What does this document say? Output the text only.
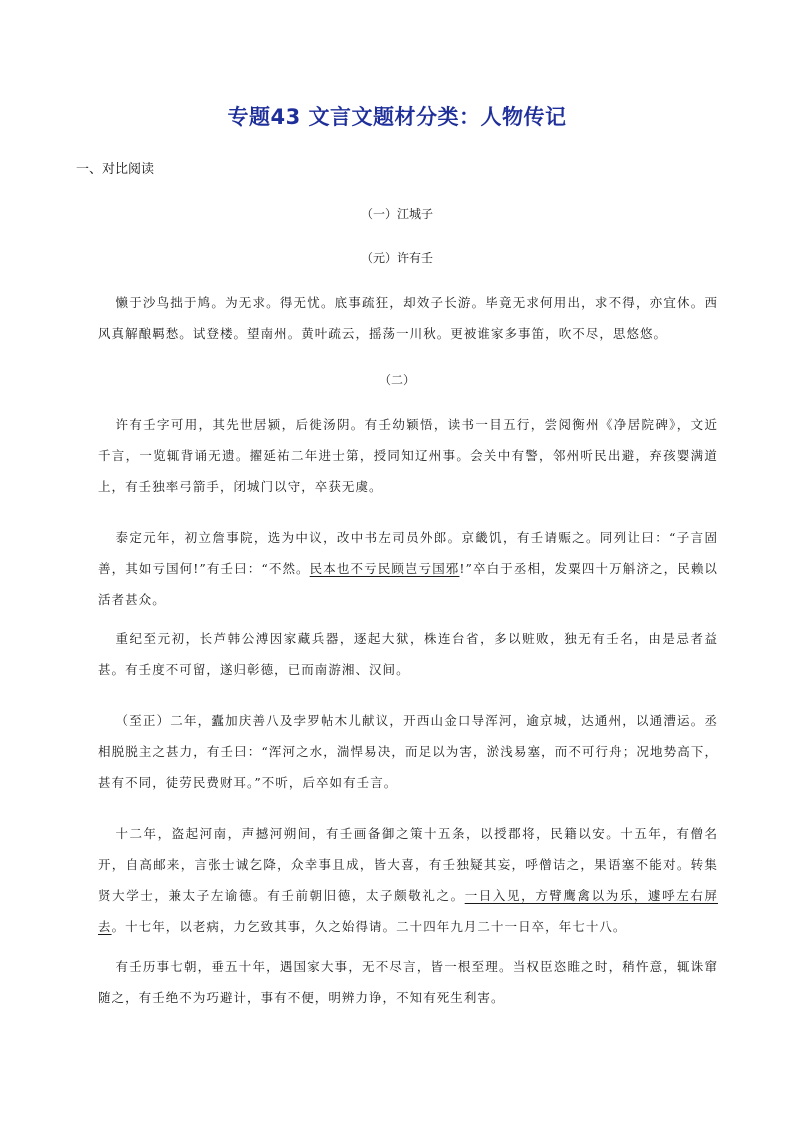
专题43 文言文题材分类：人物传记
一、对比阅读
（一）江城子
（元）许有壬
懒于沙鸟拙于鸠。为无求。得无忧。底事疏狂，却效子长游。毕竟无求何用出，求不得，亦宜休。西风真解酿羁愁。试登楼。望南州。黄叶疏云，摇荡一川秋。更被谁家多事笛，吹不尽，思悠悠。
（二）
许有壬字可用，其先世居颍，后徙汤阴。有壬幼颖悟，读书一目五行，尝阅衡州《净居院碑》，文近千言，一览辄背诵无遗。擢延祐二年进士第，授同知辽州事。会关中有警，邻州听民出避，弃孩婴满道上，有壬独率弓箭手，闭城门以守，卒获无虞。
泰定元年，初立詹事院，选为中议，改中书左司员外郎。京畿饥，有壬请赈之。同列让曰：“子言固善，其如亏国何!”有壬曰：“不然。民本也不亏民顾岂亏国邪!”卒白于丞相，发粟四十万斛济之，民赖以活者甚众。
重纪至元初，长芦韩公溥因家藏兵器，逐起大狱，株连台省，多以赃败，独无有壬名，由是忌者益甚。有壬度不可留，遂归彰德，已而南游湘、汉间。
（至正）二年，蠹加庆善八及孛罗帖木儿献议，开西山金口导浑河，逾京城，达通州，以通漕运。丞相脱脱主之甚力，有壬曰：“浑河之水，湍悍易决，而足以为害，淤浅易塞，而不可行舟；况地势高下，甚有不同，徒劳民费财耳。”不听，后卒如有壬言。
十二年，盗起河南，声撼河朔间，有壬画备御之策十五条，以授郡将，民籍以安。十五年，有僧名开，自高邮来，言张士诚乞降，众幸事且成，皆大喜，有壬独疑其妄，呼僧诘之，果语塞不能对。转集贤大学士，兼太子左谕德。有壬前朝旧德，太子颇敬礼之。一日入见，方臂鹰禽以为乐，遽呼左右屏去。十七年，以老病，力乞致其事，久之始得请。二十四年九月二十一日卒，年七十八。
有壬历事七朝，垂五十年，遇国家大事，无不尽言，皆一根至理。当权臣恣睢之时，稍忤意，辄诛窜随之，有壬绝不为巧避计，事有不便，明辨力诤，不知有死生利害。
